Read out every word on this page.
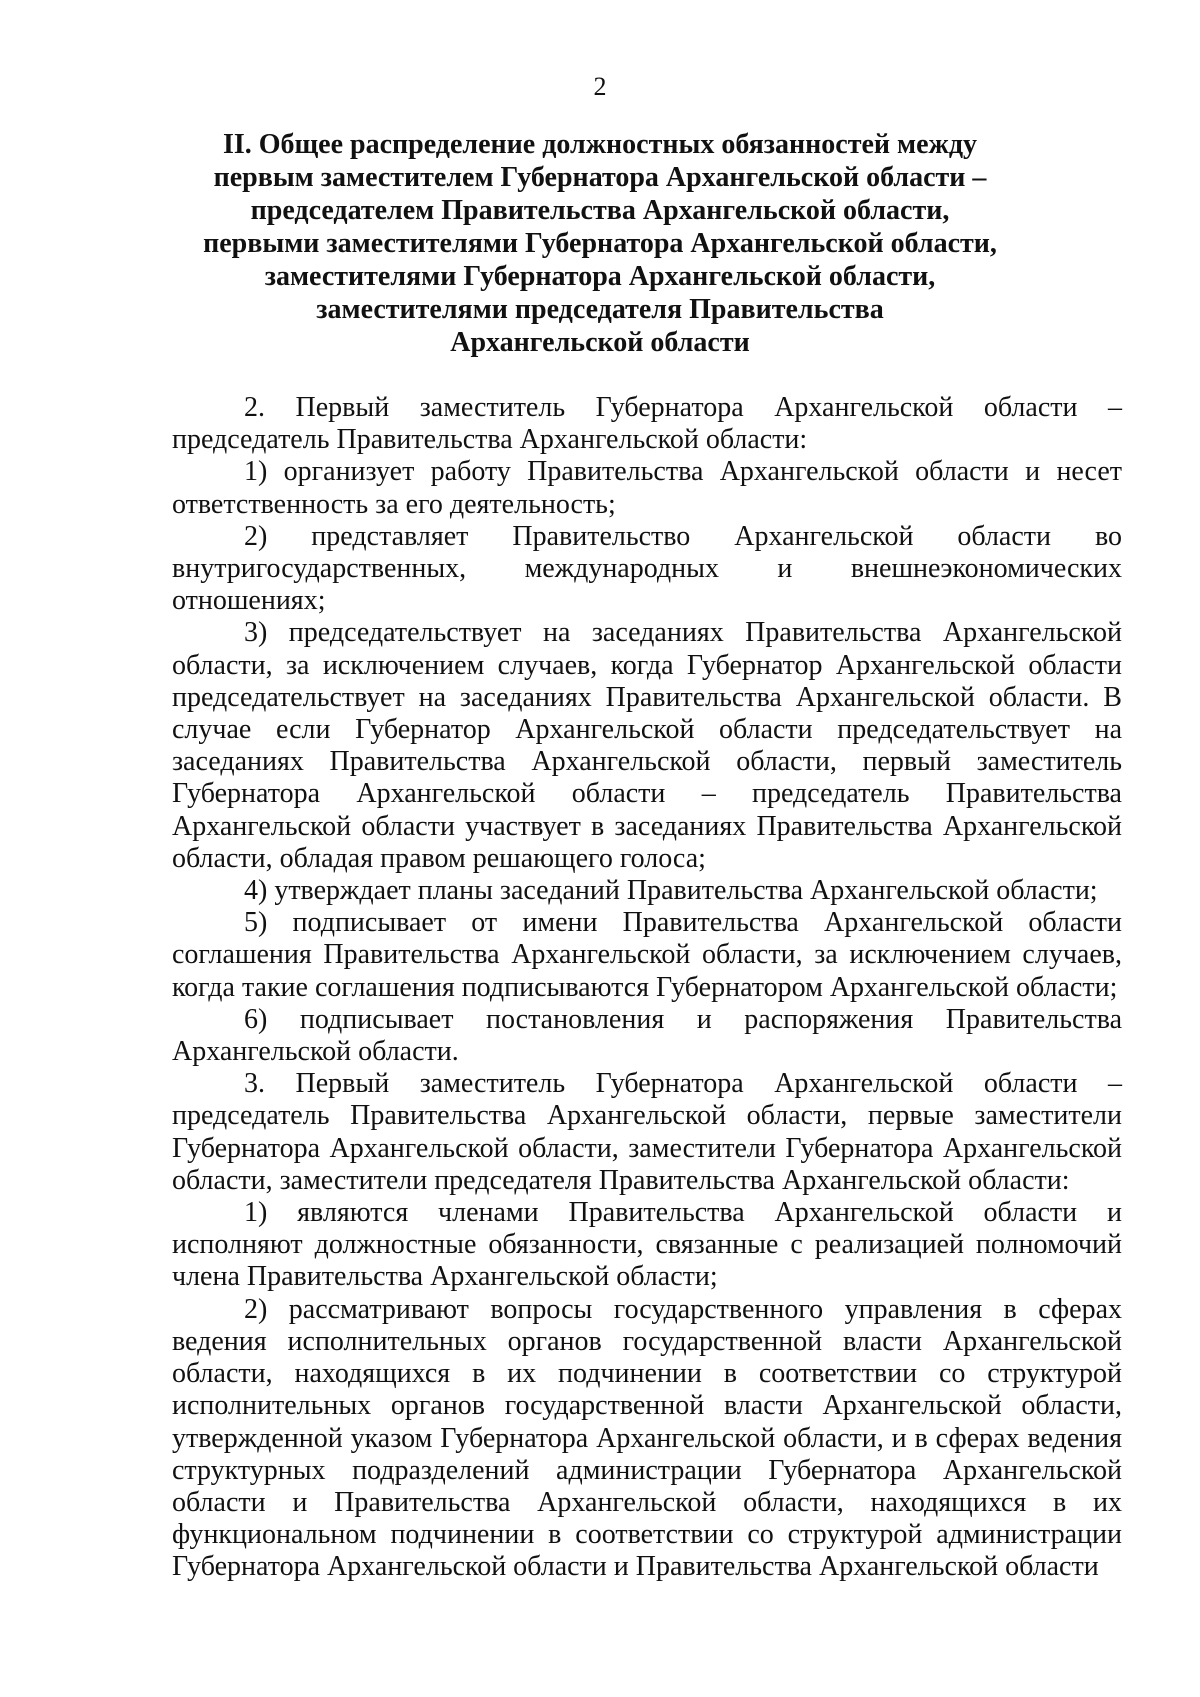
2
II. Общее распределение должностных обязанностей между
первым заместителем Губернатора Архангельской области –
председателем Правительства Архангельской области,
первыми заместителями Губернатора Архангельской области,
заместителями Губернатора Архангельской области,
заместителями председателя Правительства
Архангельской области

2. Первый заместитель Губернатора Архангельской области – председатель Правительства Архангельской области:

1) организует работу Правительства Архангельской области и несет ответственность за его деятельность;

2) представляет Правительство Архангельской области во внутригосударственных, международных и внешнеэкономических отношениях;

3) председательствует на заседаниях Правительства Архангельской области, за исключением случаев, когда Губернатор Архангельской области председательствует на заседаниях Правительства Архангельской области. В случае если Губернатор Архангельской области председательствует на заседаниях Правительства Архангельской области, первый заместитель Губернатора Архангельской области – председатель Правительства Архангельской области участвует в заседаниях Правительства Архангельской области, обладая правом решающего голоса;

4) утверждает планы заседаний Правительства Архангельской области;

5) подписывает от имени Правительства Архангельской области соглашения Правительства Архангельской области, за исключением случаев, когда такие соглашения подписываются Губернатором Архангельской области;

6) подписывает постановления и распоряжения Правительства Архангельской области.

3. Первый заместитель Губернатора Архангельской области – председатель Правительства Архангельской области, первые заместители Губернатора Архангельской области, заместители Губернатора Архангельской области, заместители председателя Правительства Архангельской области:

1) являются членами Правительства Архангельской области и исполняют должностные обязанности, связанные с реализацией полномочий члена Правительства Архангельской области;

2) рассматривают вопросы государственного управления в сферах ведения исполнительных органов государственной власти Архангельской области, находящихся в их подчинении в соответствии со структурой исполнительных органов государственной власти Архангельской области, утвержденной указом Губернатора Архангельской области, и в сферах ведения структурных подразделений администрации Губернатора Архангельской области и Правительства Архангельской области, находящихся в их функциональном подчинении в соответствии со структурой администрации Губернатора Архангельской области и Правительства Архангельской области
